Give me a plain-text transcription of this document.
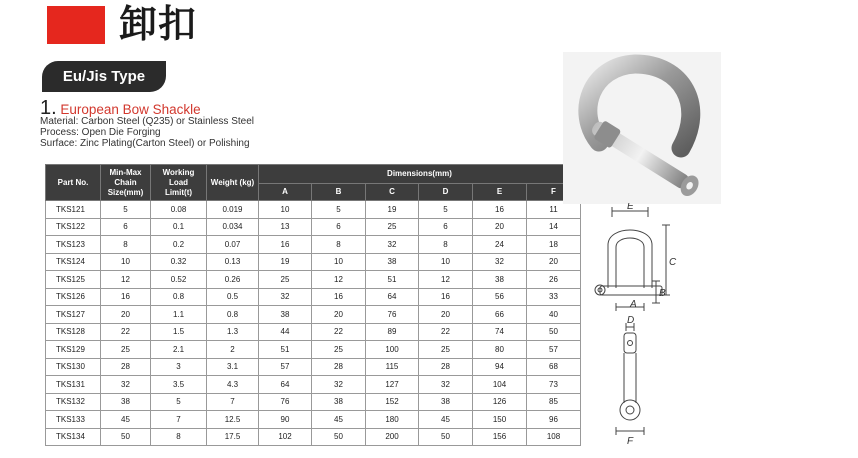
卸扣
Eu/Jis Type
1. European Bow Shackle
Material: Carbon Steel (Q235) or Stainless Steel
Process: Open Die Forging
Surface: Zinc Plating(Carton Steel) or Polishing
Part No.	Min-Max
Chain
Size(mm)	Working
Load
Limit(t)	Weight (kg)	Dimensions(mm)					
				A	B	C	D	E	F
TKS121	5	0.08	0.019	10	5	19	5	16	11
TKS122	6	0.1	0.034	13	6	25	6	20	14
TKS123	8	0.2	0.07	16	8	32	8	24	18
TKS124	10	0.32	0.13	19	10	38	10	32	20
TKS125	12	0.52	0.26	25	12	51	12	38	26
TKS126	16	0.8	0.5	32	16	64	16	56	33
TKS127	20	1.1	0.8	38	20	76	20	66	40
TKS128	22	1.5	1.3	44	22	89	22	74	50
TKS129	25	2.1	2	51	25	100	25	80	57
TKS130	28	3	3.1	57	28	115	28	94	68
TKS131	32	3.5	4.3	64	32	127	32	104	73
TKS132	38	5	7	76	38	152	38	126	85
TKS133	45	7	12.5	90	45	180	45	150	96
TKS134	50	8	17.5	102	50	200	50	156	108
E
C
B
A
D
F
